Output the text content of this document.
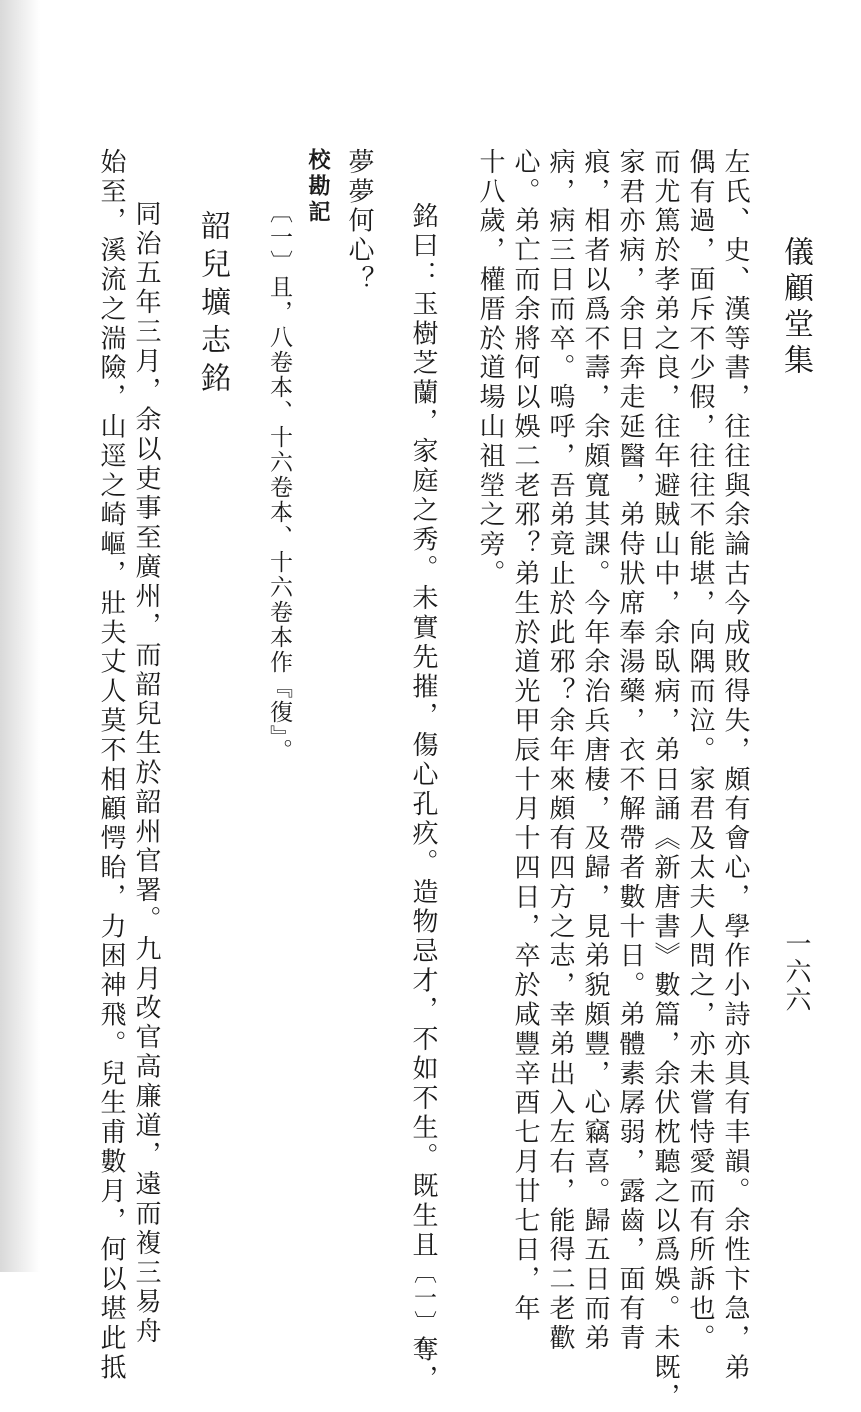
儀顧堂集
一六六
左氏、史、漢等書，往往與余論古今成敗得失，頗有會心，學作小詩亦具有丰韻。余性卞急，弟
偶有過，面斥不少假，往往不能堪，向隅而泣。家君及太夫人問之，亦未嘗恃愛而有所訴也。
而尤篤於孝弟之良，往年避賊山中，余臥病，弟日誦《新唐書》數篇，余伏枕聽之以爲娛。未既，
家君亦病，余日奔走延醫，弟侍狀席奉湯藥，衣不解帶者數十日。弟體素孱弱，露齒，面有青
痕，相者以爲不壽，余頗寬其課。今年余治兵唐棲，及歸，見弟貌頗豐，心竊喜。歸五日而弟
病，病三日而卒。嗚呼，吾弟竟止於此邪？余年來頗有四方之志，幸弟出入左右，能得二老歡
心。弟亡而余將何以娛二老邪？弟生於道光甲辰十月十四日，卒於咸豐辛酉七月廿七日，年
十八歲，權厝於道場山祖塋之旁。
銘曰：玉樹芝蘭，家庭之秀。未實先摧，傷心孔疚。造物忌才，不如不生。既生且〔一〕奪，
夢夢何心？
校勘記
〔一〕且，八卷本、十六卷本、十六卷本作『復』。
韶兒壙志銘
同治五年三月，余以吏事至廣州，而韶兒生於韶州官署。九月改官高廉道，遠而複三易舟
始至，溪流之湍險，山逕之崎嶇，壯夫丈人莫不相顧愕眙，力困神飛。兒生甫數月，何以堪此抵
